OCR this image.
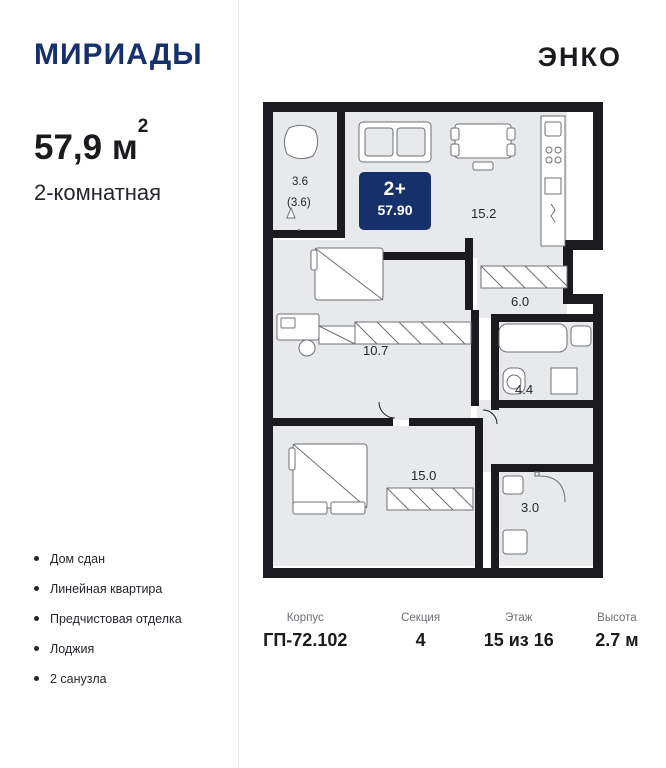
МИРИАДЫ
57,9 $м^2$
2-комнатная
Дом сдан
Линейная квартира
Предчистовая отделка
Лоджия
2 санузла
ЭНКО
3.6
(3.6)
15.2
6.0
10.7
4.4
15.0
3.0
2+
57.90
Корпус
ГП-72.102
Секция
4
Этаж
15 из 16
Высота
2.7 м
